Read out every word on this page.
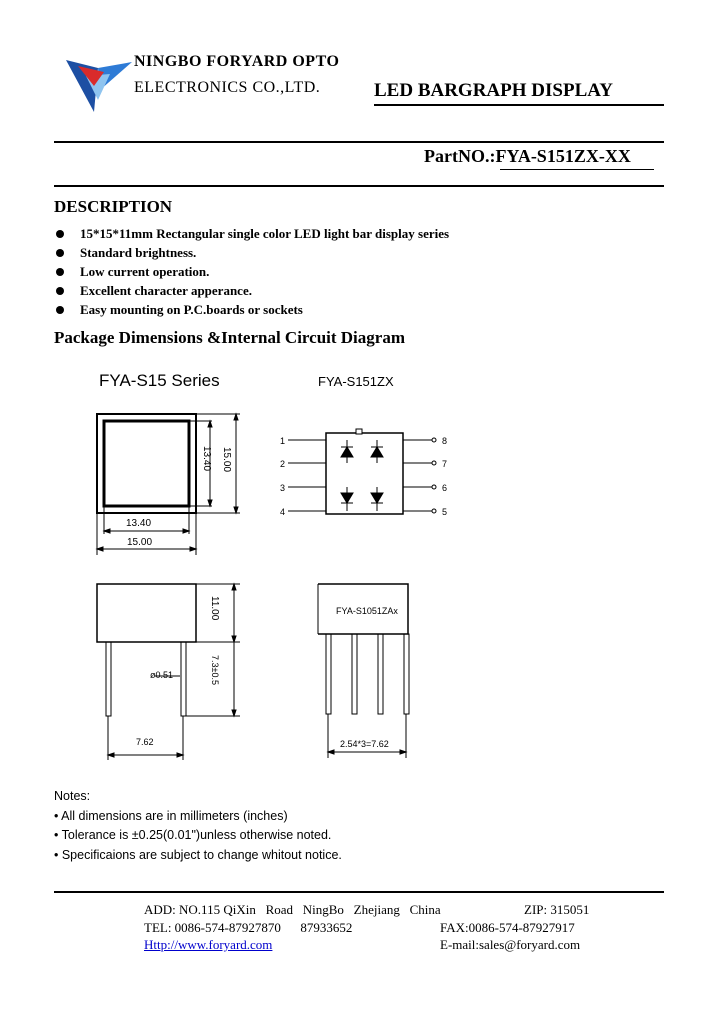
NINGBO FORYARD OPTO
ELECTRONICS CO.,LTD.	LED BARGRAPH DISPLAY
PartNO.:FYA-S151ZX-XX
DESCRIPTION
15*15*11mm Rectangular single color LED light bar display series
Standard brightness.
Low current operation.
Excellent character apperance.
Easy mounting on P.C.boards or sockets
Package Dimensions &Internal Circuit Diagram
FYA-S15 Series	FYA-S151ZX
13.40
15.00
13.40 15.00
11.00
ø0.51	7.3±0.5
7.62
FYA-S1051ZAx
2.54*3=7.62
1
2
3
4
8
7
6
5
Notes:
• All dimensions are in millimeters (inches)
• Tolerance is ±0.25(0.01")unless otherwise noted.
• Specificaions are subject to change whitout notice.
ADD: NO.115 QiXin   Road   NingBo   Zhejiang   China	ZIP: 315051
TEL: 0086-574-87927870      87933652	FAX:0086-574-87927917
Http://www.foryard.com	E-mail:sales@foryard.com
